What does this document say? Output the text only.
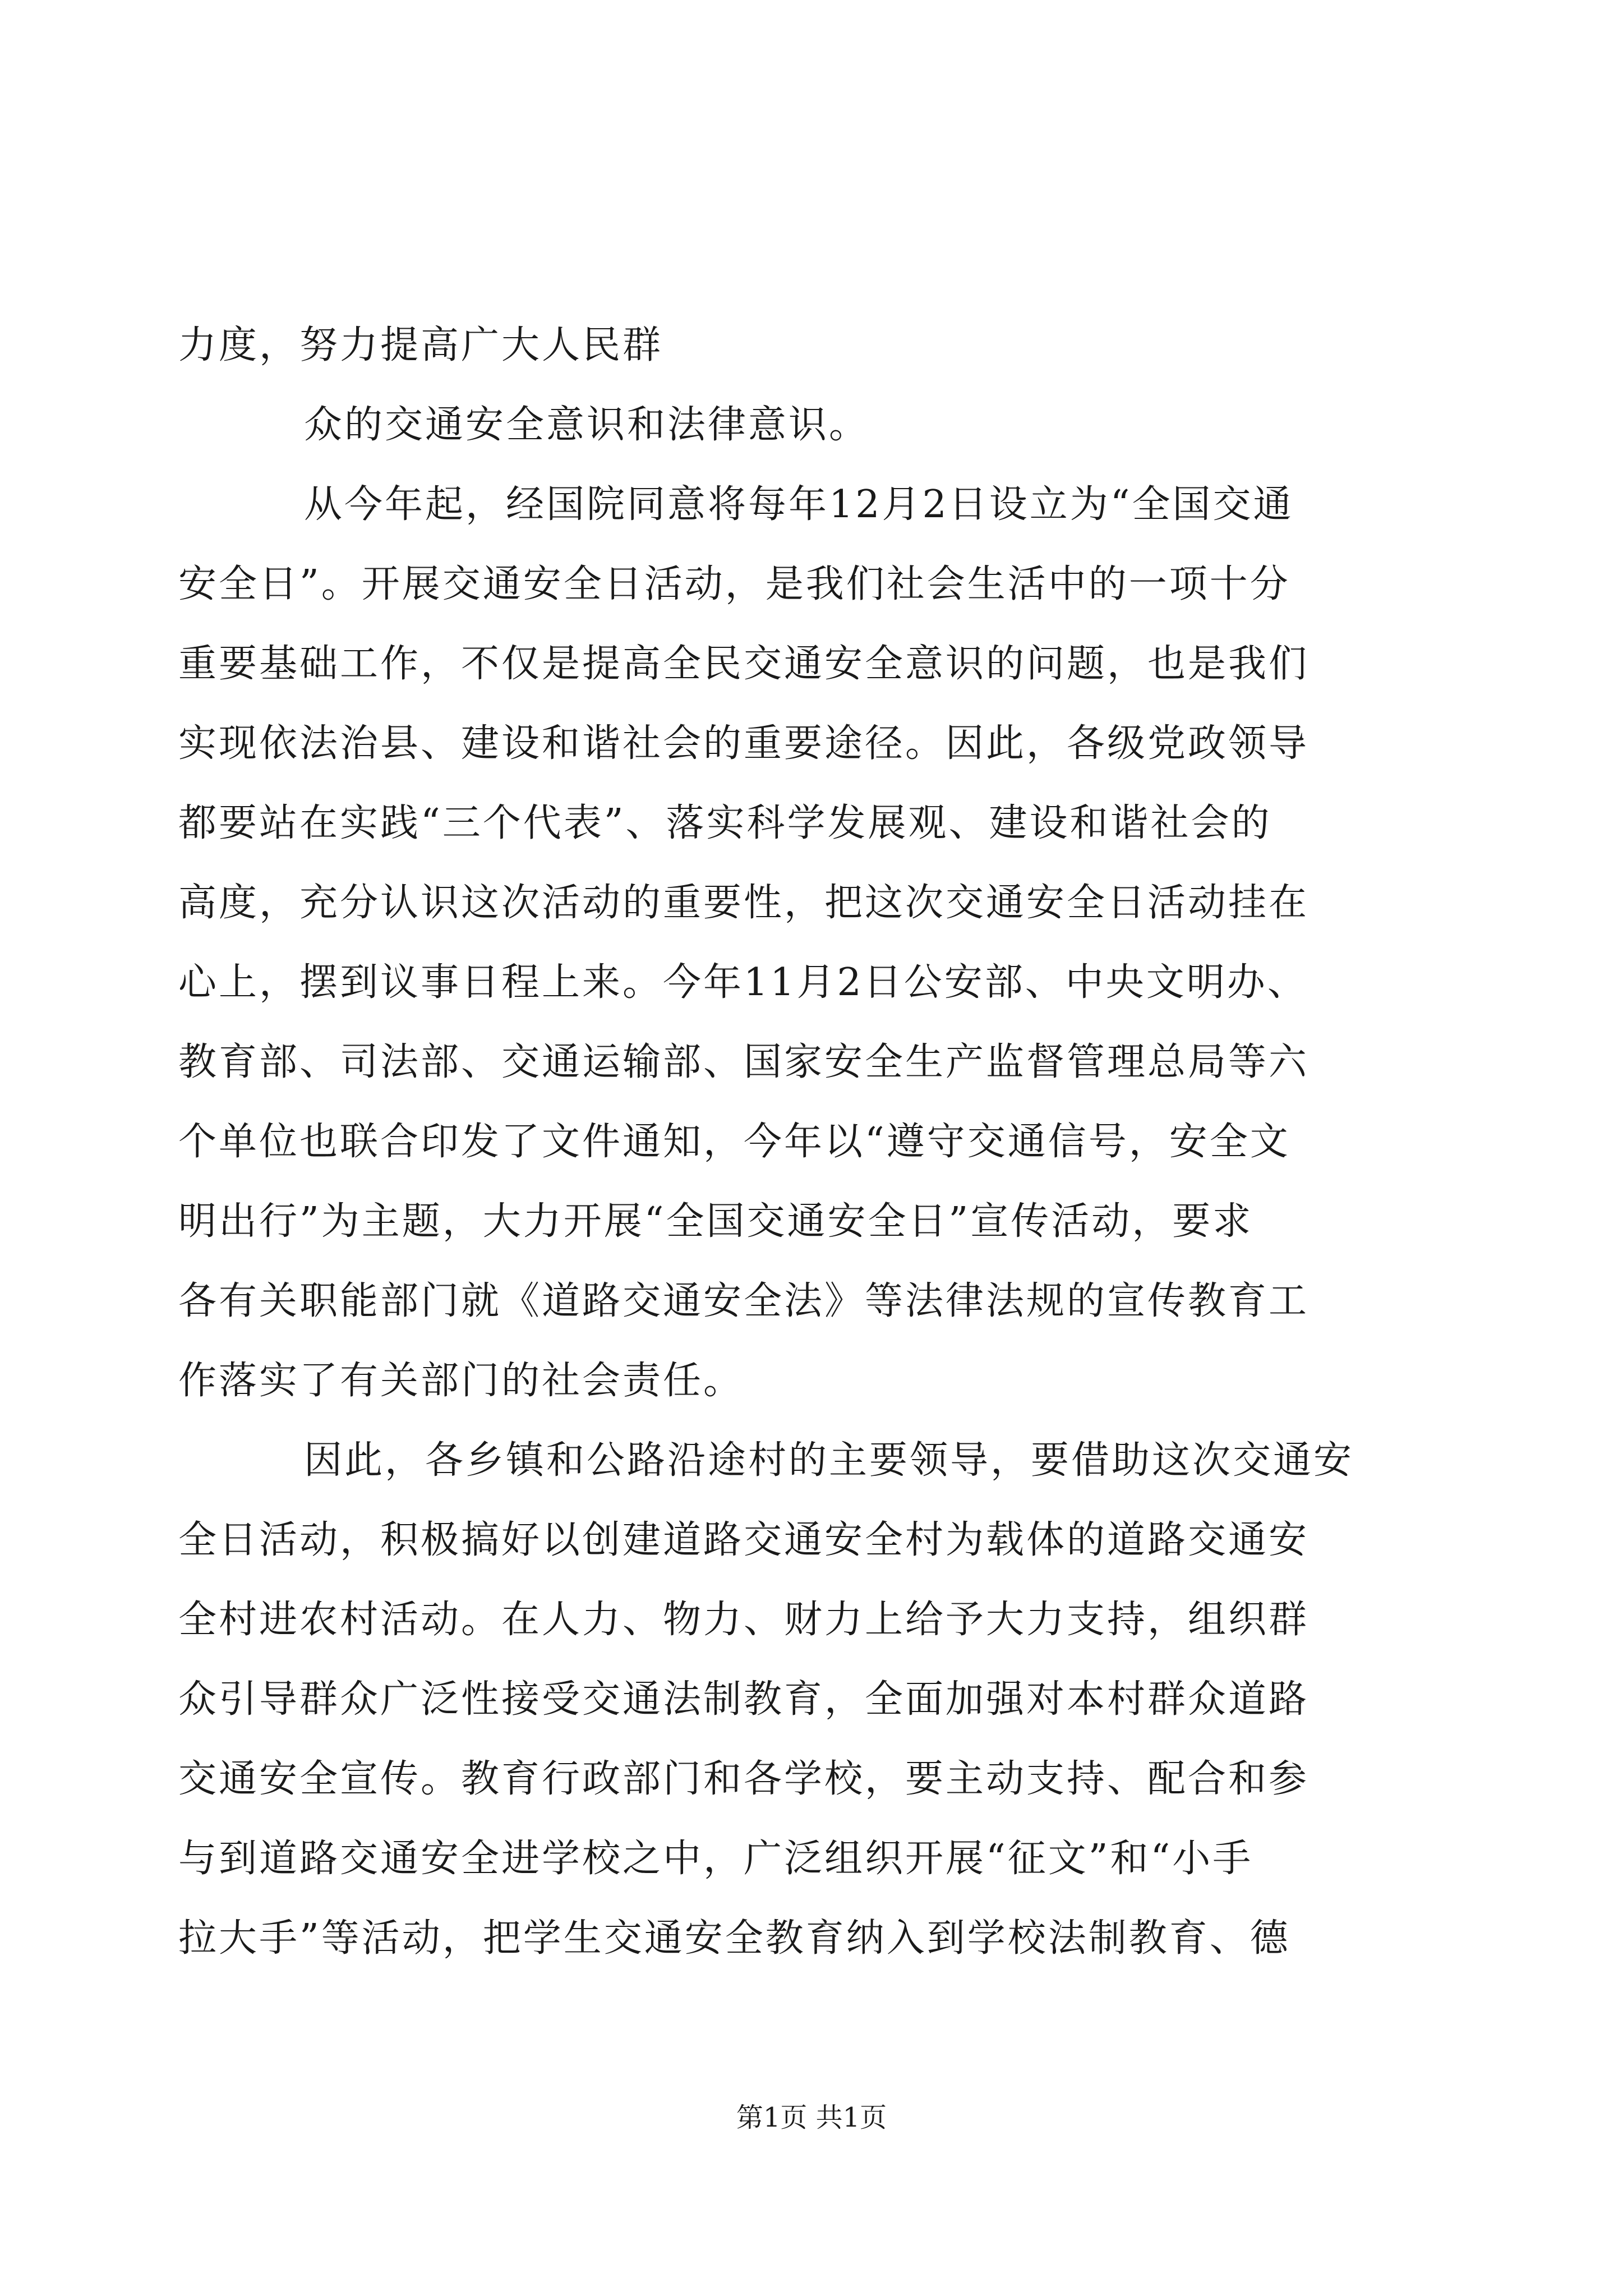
力度，努力提高广大人民群
众的交通安全意识和法律意识。
从今年起，经国院同意将每年12月2日设立为“全国交通
安全日”。开展交通安全日活动，是我们社会生活中的一项十分
重要基础工作，不仅是提高全民交通安全意识的问题，也是我们
实现依法治县、建设和谐社会的重要途径。因此，各级党政领导
都要站在实践“三个代表”、落实科学发展观、建设和谐社会的
高度，充分认识这次活动的重要性，把这次交通安全日活动挂在
心上，摆到议事日程上来。今年11月2日公安部、中央文明办、
教育部、司法部、交通运输部、国家安全生产监督管理总局等六
个单位也联合印发了文件通知，今年以“遵守交通信号，安全文
明出行”为主题，大力开展“全国交通安全日”宣传活动，要求
各有关职能部门就《道路交通安全法》等法律法规的宣传教育工
作落实了有关部门的社会责任。
因此，各乡镇和公路沿途村的主要领导，要借助这次交通安
全日活动，积极搞好以创建道路交通安全村为载体的道路交通安
全村进农村活动。在人力、物力、财力上给予大力支持，组织群
众引导群众广泛性接受交通法制教育，全面加强对本村群众道路
交通安全宣传。教育行政部门和各学校，要主动支持、配合和参
与到道路交通安全进学校之中，广泛组织开展“征文”和“小手
拉大手”等活动，把学生交通安全教育纳入到学校法制教育、德
第1页 共1页
